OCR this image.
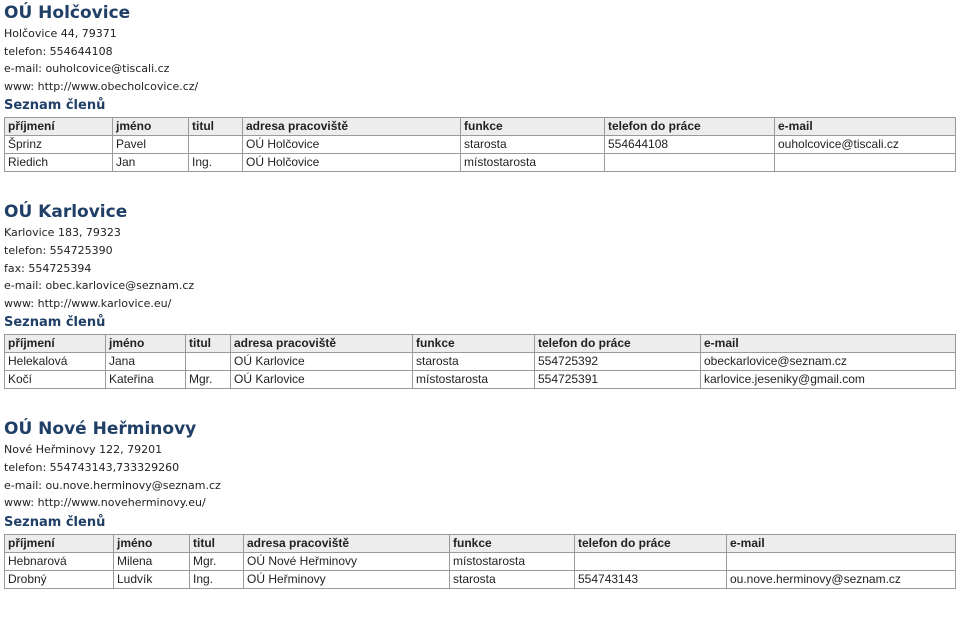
OÚ Holčovice
Holčovice 44, 79371
telefon: 554644108
e-mail: ouholcovice@tiscali.cz
www: http://www.obecholcovice.cz/
Seznam členů
příjmení	jméno	titul	adresa pracoviště	funkce	telefon do práce	e-mail
Šprinz	Pavel		OÚ Holčovice	starosta	554644108	ouholcovice@tiscali.cz
Riedich	Jan	Ing.	OÚ Holčovice	místostarosta		
OÚ Karlovice
Karlovice 183, 79323
telefon: 554725390
fax: 554725394
e-mail: obec.karlovice@seznam.cz
www: http://www.karlovice.eu/
Seznam členů
příjmení	jméno	titul	adresa pracoviště	funkce	telefon do práce	e-mail
Helekalová	Jana		OÚ Karlovice	starosta	554725392	obeckarlovice@seznam.cz
Kočí	Kateřina	Mgr.	OÚ Karlovice	místostarosta	554725391	karlovice.jeseniky@gmail.com
OÚ Nové Heřminovy
Nové Heřminovy 122, 79201
telefon: 554743143,733329260
e-mail: ou.nove.herminovy@seznam.cz
www: http://www.noveherminovy.eu/
Seznam členů
příjmení	jméno	titul	adresa pracoviště	funkce	telefon do práce	e-mail
Hebnarová	Milena	Mgr.	OÚ Nové Heřminovy	místostarosta		
Drobný	Ludvík	Ing.	OÚ Heřminovy	starosta	554743143	ou.nove.herminovy@seznam.cz
